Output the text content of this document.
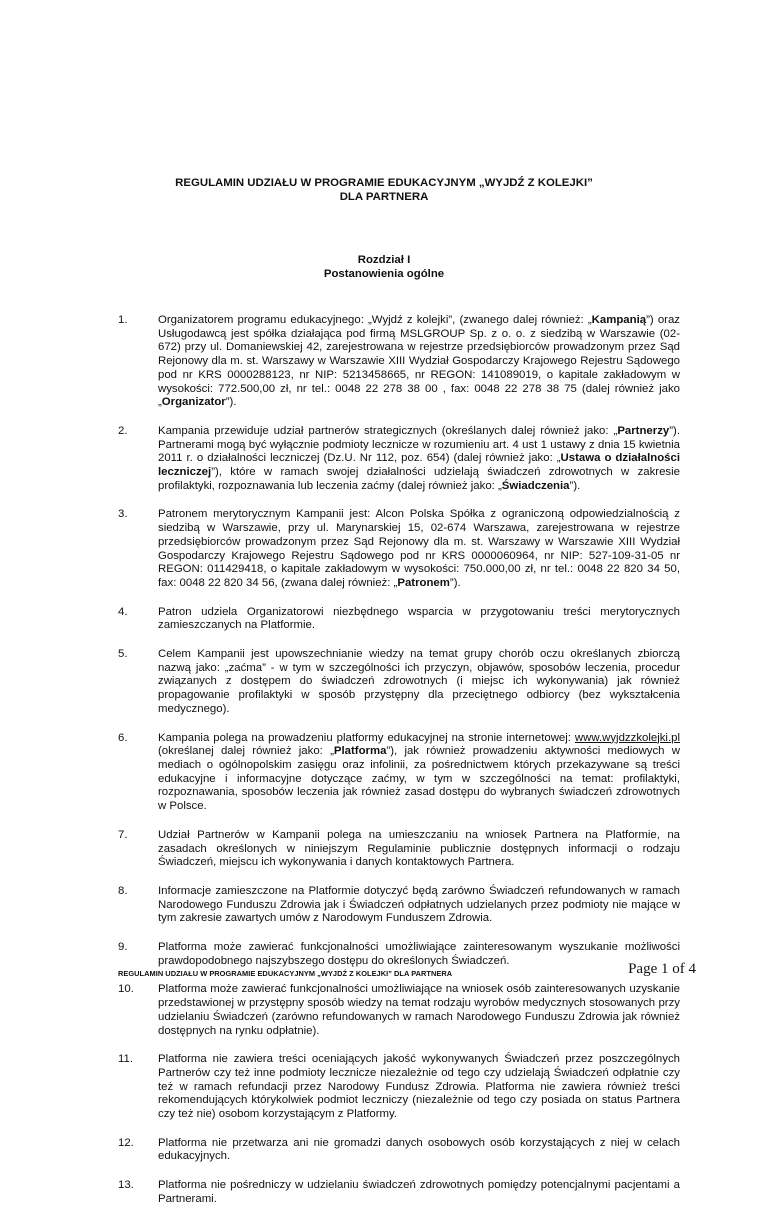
REGULAMIN UDZIAŁU W PROGRAMIE EDUKACYJNYM „WYJDŹ Z KOLEJKI”
DLA PARTNERA
Rozdział I
Postanowienia ogólne
1.	Organizatorem programu edukacyjnego: „Wyjdź z kolejki”, (zwanego dalej również: „Kampanią”) oraz Usługodawcą jest spółka działająca pod firmą MSLGROUP Sp. z o. o. z siedzibą w Warszawie (02-672) przy ul. Domaniewskiej 42, zarejestrowana w rejestrze przedsiębiorców prowadzonym przez Sąd Rejonowy dla m. st. Warszawy w Warszawie XIII Wydział Gospodarczy Krajowego Rejestru Sądowego pod nr KRS 0000288123, nr NIP: 5213458665, nr REGON: 141089019, o kapitale zakładowym w wysokości: 772.500,00 zł, nr tel.: 0048 22 278 38 00 , fax: 0048 22 278 38 75 (dalej również jako „Organizator”).
2.	Kampania przewiduje udział partnerów strategicznych (określanych dalej również jako: „Partnerzy”). Partnerami mogą być wyłącznie podmioty lecznicze w rozumieniu art. 4 ust 1 ustawy z dnia 15 kwietnia 2011 r. o działalności leczniczej (Dz.U. Nr 112, poz. 654) (dalej również jako: „Ustawa o działalności leczniczej”), które w ramach swojej działalności udzielają świadczeń zdrowotnych w zakresie profilaktyki, rozpoznawania lub leczenia zaćmy (dalej również jako: „Świadczenia”).
3.	Patronem merytorycznym Kampanii jest: Alcon Polska Spółka z ograniczoną odpowiedzialnością z siedzibą w Warszawie, przy ul. Marynarskiej 15, 02-674 Warszawa, zarejestrowana w rejestrze przedsiębiorców prowadzonym przez Sąd Rejonowy dla m. st. Warszawy w Warszawie XIII Wydział Gospodarczy Krajowego Rejestru Sądowego pod nr KRS 0000060964, nr NIP: 527-109-31-05 nr REGON: 011429418, o kapitale zakładowym w wysokości: 750.000,00 zł, nr tel.: 0048 22 820 34 50, fax: 0048 22 820 34 56, (zwana dalej również: „Patronem”).
4.	Patron udziela Organizatorowi niezbędnego wsparcia w przygotowaniu treści merytorycznych zamieszczanych na Platformie.
5.	Celem Kampanii jest upowszechnianie wiedzy na temat grupy chorób oczu określanych zbiorczą nazwą jako: „zaćma” - w tym w szczególności ich przyczyn, objawów, sposobów leczenia, procedur związanych z dostępem do świadczeń zdrowotnych (i miejsc ich wykonywania) jak również propagowanie profilaktyki w sposób przystępny dla przeciętnego odbiorcy (bez wykształcenia medycznego).
6.	Kampania polega na prowadzeniu platformy edukacyjnej na stronie internetowej: www.wyjdzzkolejki.pl (określanej dalej również jako: „Platforma”), jak również prowadzeniu aktywności mediowych w mediach o ogólnopolskim zasięgu oraz infolinii, za pośrednictwem których przekazywane są treści edukacyjne i informacyjne dotyczące zaćmy, w tym w szczególności na temat: profilaktyki, rozpoznawania, sposobów leczenia jak również zasad dostępu do wybranych świadczeń zdrowotnych w Polsce.
7.	Udział Partnerów w Kampanii polega na umieszczaniu na wniosek Partnera na Platformie, na zasadach określonych w niniejszym Regulaminie publicznie dostępnych informacji o rodzaju Świadczeń, miejscu ich wykonywania i danych kontaktowych Partnera.
8.	Informacje zamieszczone na Platformie dotyczyć będą zarówno Świadczeń refundowanych w ramach Narodowego Funduszu Zdrowia jak i Świadczeń odpłatnych udzielanych przez podmioty nie mające w tym zakresie zawartych umów z Narodowym Funduszem Zdrowia.
9.	Platforma może zawierać funkcjonalności umożliwiające zainteresowanym wyszukanie możliwości prawdopodobnego najszybszego dostępu do określonych Świadczeń.
10.	Platforma może zawierać funkcjonalności umożliwiające na wniosek osób zainteresowanych uzyskanie przedstawionej w przystępny sposób wiedzy na temat rodzaju wyrobów medycznych stosowanych przy udzielaniu Świadczeń (zarówno refundowanych w ramach Narodowego Funduszu Zdrowia jak również dostępnych na rynku odpłatnie).
11.	Platforma nie zawiera treści oceniających jakość wykonywanych Świadczeń przez poszczególnych Partnerów czy też inne podmioty lecznicze niezależnie od tego czy udzielają Świadczeń odpłatnie czy też w ramach refundacji przez Narodowy Fundusz Zdrowia. Platforma nie zawiera również treści rekomendujących którykolwiek podmiot leczniczy (niezależnie od tego czy posiada on status Partnera czy też nie) osobom korzystającym z Platformy.
12.	Platforma nie przetwarza ani nie gromadzi danych osobowych osób korzystających z niej w celach edukacyjnych.
13.	Platforma nie pośredniczy w udzielaniu świadczeń zdrowotnych pomiędzy potencjalnymi pacjentami a Partnerami.
REGULAMIN UDZIAŁU W PROGRAMIE EDUKACYJNYM „WYJDŹ Z KOLEJKI” DLA PARTNERA	Page 1 of 4
